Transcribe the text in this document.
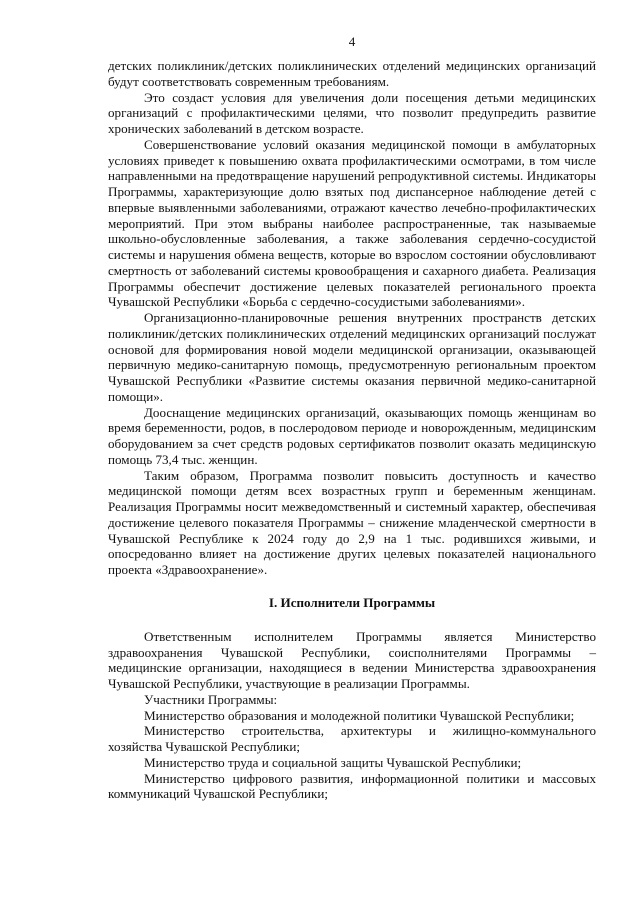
4

детских поликлиник/детских поликлинических отделений медицинских организаций будут соответствовать современным требованиям.

Это создаст условия для увеличения доли посещения детьми медицинских организаций с профилактическими целями, что позволит предупредить развитие хронических заболеваний в детском возрасте.

Совершенствование условий оказания медицинской помощи в амбулаторных условиях приведет к повышению охвата профилактическими осмотрами, в том числе направленными на предотвращение нарушений репродуктивной системы. Индикаторы Программы, характеризующие долю взятых под диспансерное наблюдение детей с впервые выявленными заболеваниями, отражают качество лечебно-профилактических мероприятий. При этом выбраны наиболее распространенные, так называемые школьно-обусловленные заболевания, а также заболевания сердечно-сосудистой системы и нарушения обмена веществ, которые во взрослом состоянии обусловливают смертность от заболеваний системы кровообращения и сахарного диабета. Реализация Программы обеспечит достижение целевых показателей регионального проекта Чувашской Республики «Борьба с сердечно-сосудистыми заболеваниями».

Организационно-планировочные решения внутренних пространств детских поликлиник/детских поликлинических отделений медицинских организаций послужат основой для формирования новой модели медицинской организации, оказывающей первичную медико-санитарную помощь, предусмотренную региональным проектом Чувашской Республики «Развитие системы оказания первичной медико-санитарной помощи».

Дооснащение медицинских организаций, оказывающих помощь женщинам во время беременности, родов, в послеродовом периоде и новорожденным, медицинским оборудованием за счет средств родовых сертификатов позволит оказать медицинскую помощь 73,4 тыс. женщин.

Таким образом, Программа позволит повысить доступность и качество медицинской помощи детям всех возрастных групп и беременным женщинам. Реализация Программы носит межведомственный и системный характер, обеспечивая достижение целевого показателя Программы – снижение младенческой смертности в Чувашской Республике к 2024 году до 2,9 на 1 тыс. родившихся живыми, и опосредованно влияет на достижение других целевых показателей национального проекта «Здравоохранение».

I. Исполнители Программы

Ответственным исполнителем Программы является Министерство здравоохранения Чувашской Республики, соисполнителями Программы – медицинские организации, находящиеся в ведении Министерства здравоохранения Чувашской Республики, участвующие в реализации Программы.

Участники Программы:

Министерство образования и молодежной политики Чувашской Республики;

Министерство строительства, архитектуры и жилищно-коммунального хозяйства Чувашской Республики;

Министерство труда и социальной защиты Чувашской Республики;

Министерство цифрового развития, информационной политики и массовых коммуникаций Чувашской Республики;
